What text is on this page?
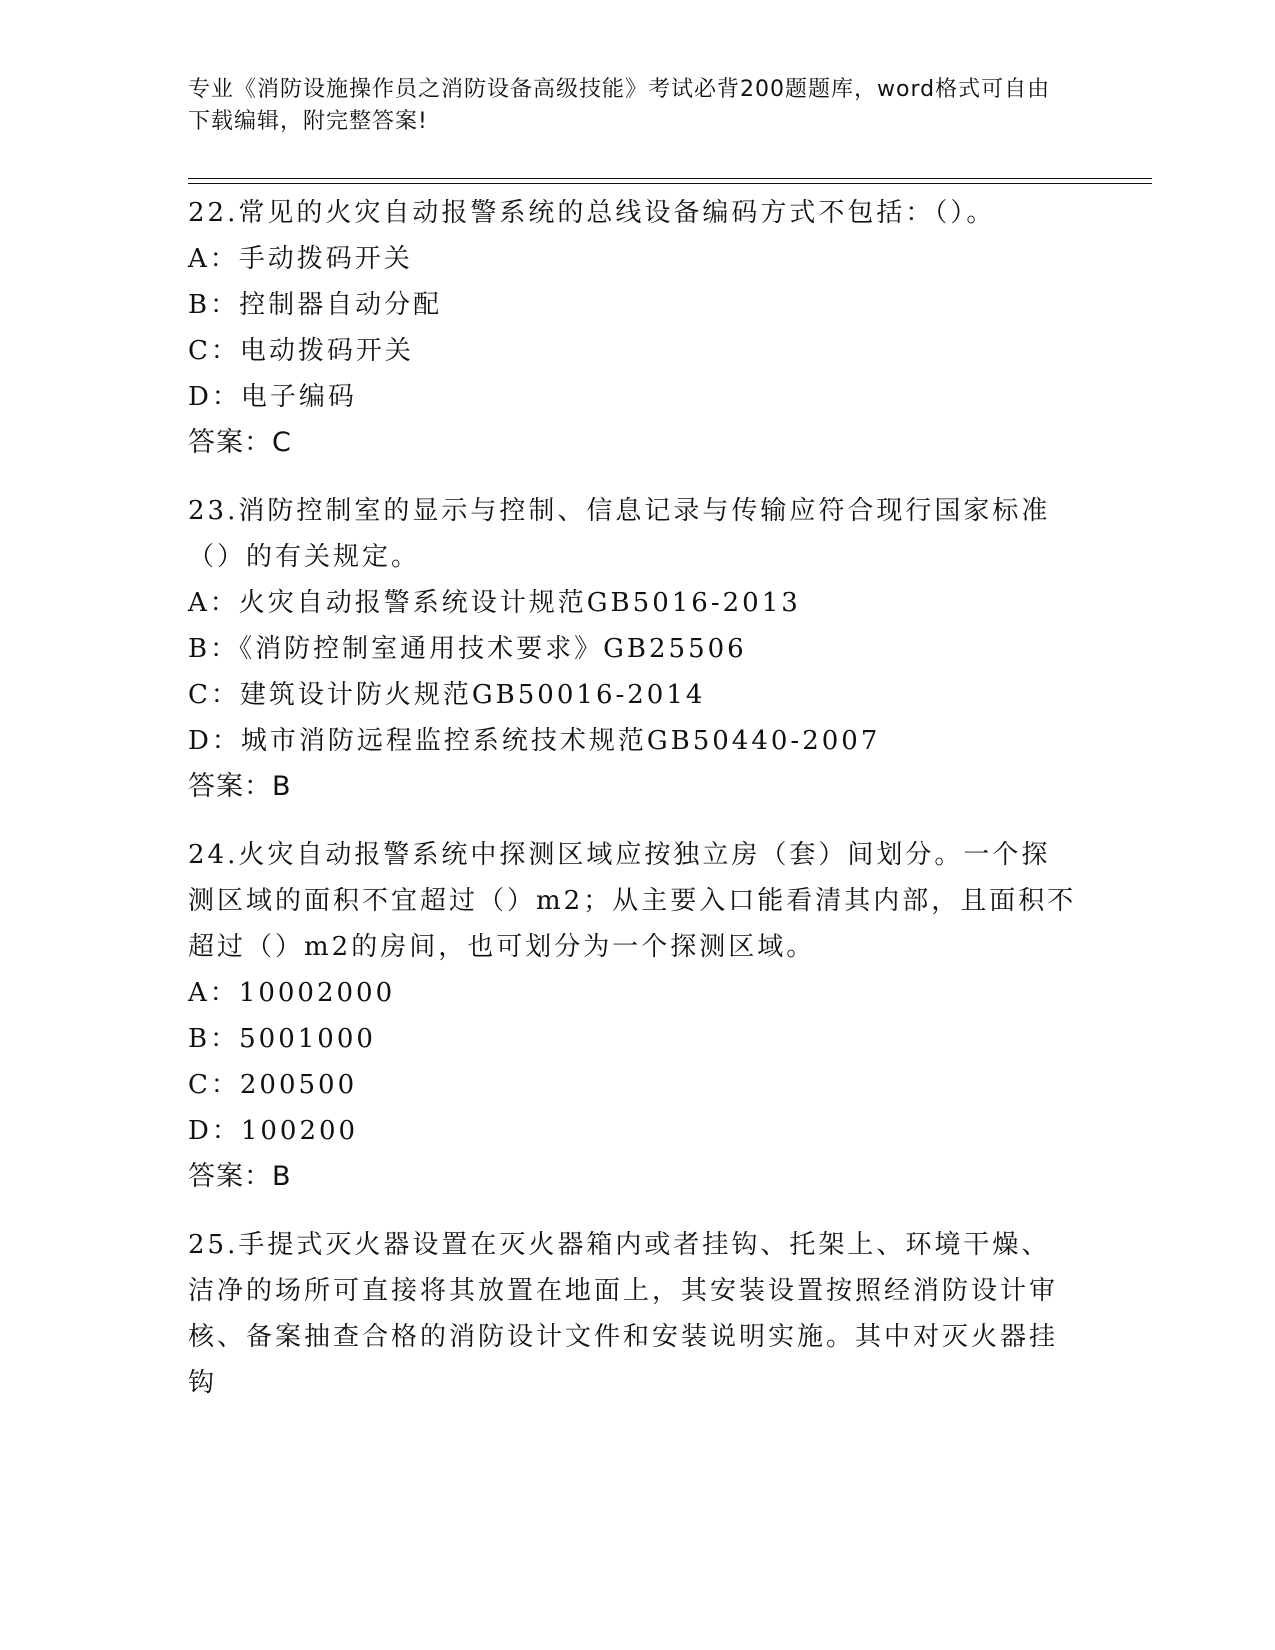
专业《消防设施操作员之消防设备高级技能》考试必背200题题库，word格式可自由下载编辑，附完整答案!
22.常见的火灾自动报警系统的总线设备编码方式不包括：（）。
A：手动拨码开关
B：控制器自动分配
C：电动拨码开关
D：电子编码
答案：C
23.消防控制室的显示与控制、信息记录与传输应符合现行国家标准（）的有关规定。
A：火灾自动报警系统设计规范GB5016-2013
B：《消防控制室通用技术要求》GB25506
C：建筑设计防火规范GB50016-2014
D：城市消防远程监控系统技术规范GB50440-2007
答案：B
24.火灾自动报警系统中探测区域应按独立房（套）间划分。一个探测区域的面积不宜超过（）m2；从主要入口能看清其内部，且面积不超过（）m2的房间，也可划分为一个探测区域。
A：10002000
B：5001000
C：200500
D：100200
答案：B
25.手提式灭火器设置在灭火器箱内或者挂钩、托架上、环境干燥、洁净的场所可直接将其放置在地面上，其安装设置按照经消防设计审核、备案抽查合格的消防设计文件和安装说明实施。其中对灭火器挂钩
